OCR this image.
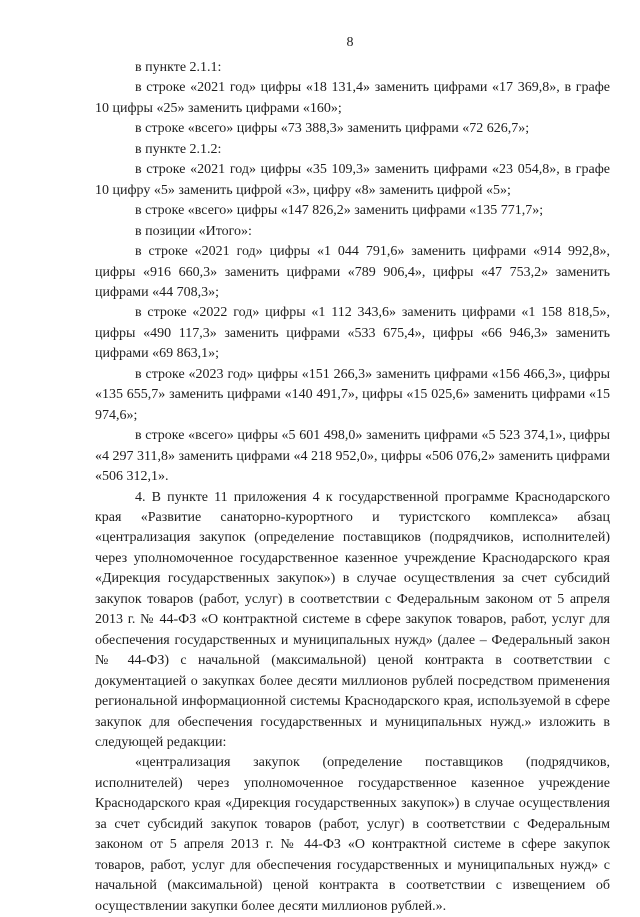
8

в пункте 2.1.1:

в строке «2021 год» цифры «18 131,4» заменить цифрами «17 369,8», в графе 10 цифры «25» заменить цифрами «160»;

в строке «всего» цифры «73 388,3» заменить цифрами «72 626,7»;

в пункте 2.1.2:

в строке «2021 год» цифры «35 109,3» заменить цифрами «23 054,8», в графе 10 цифру «5» заменить цифрой «3», цифру «8» заменить цифрой «5»;

в строке «всего» цифры «147 826,2» заменить цифрами «135 771,7»;

в позиции «Итого»:

в строке «2021 год» цифры «1 044 791,6» заменить цифрами «914 992,8», цифры «916 660,3» заменить цифрами «789 906,4», цифры «47 753,2» заменить цифрами «44 708,3»;

в строке «2022 год» цифры «1 112 343,6» заменить цифрами «1 158 818,5», цифры «490 117,3» заменить цифрами «533 675,4», цифры «66 946,3» заменить цифрами «69 863,1»;

в строке «2023 год» цифры «151 266,3» заменить цифрами «156 466,3», цифры «135 655,7» заменить цифрами «140 491,7», цифры «15 025,6» заменить цифрами «15 974,6»;

в строке «всего» цифры «5 601 498,0» заменить цифрами «5 523 374,1», цифры «4 297 311,8» заменить цифрами «4 218 952,0», цифры «506 076,2» заменить цифрами «506 312,1».

4. В пункте 11 приложения 4 к государственной программе Краснодарского края «Развитие санаторно-курортного и туристского комплекса» абзац «централизация закупок (определение поставщиков (подрядчиков, исполнителей) через уполномоченное государственное казенное учреждение Краснодарского края «Дирекция государственных закупок») в случае осуществления за счет субсидий закупок товаров (работ, услуг) в соответствии с Федеральным законом от 5 апреля 2013 г. № 44-ФЗ «О контрактной системе в сфере закупок товаров, работ, услуг для обеспечения государственных и муниципальных нужд» (далее – Федеральный закон № 44-ФЗ) с начальной (максимальной) ценой контракта в соответствии с документацией о закупках более десяти миллионов рублей посредством применения региональной информационной системы Краснодарского края, используемой в сфере закупок для обеспечения государственных и муниципальных нужд.» изложить в следующей редакции:

«централизация закупок (определение поставщиков (подрядчиков, исполнителей) через уполномоченное государственное казенное учреждение Краснодарского края «Дирекция государственных закупок») в случае осуществления за счет субсидий закупок товаров (работ, услуг) в соответствии с Федеральным законом от 5 апреля 2013 г. № 44-ФЗ «О контрактной системе в сфере закупок товаров, работ, услуг для обеспечения государственных и муниципальных нужд» с начальной (максимальной) ценой контракта в соответствии с извещением об осуществлении закупки более десяти миллионов рублей.».
